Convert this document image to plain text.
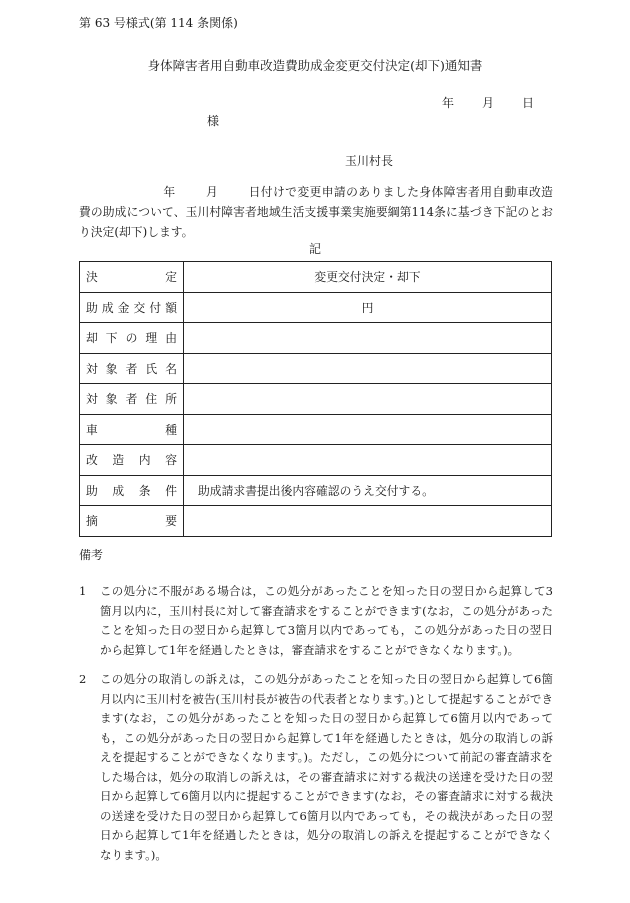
第 63 号様式(第 114 条関係)
身体障害者用自動車改造費助成金変更交付決定(却下)通知書
年 月 日
様
玉川村長
年	月	日付けで変更申請のありました身体障害者用自動車改造費の助成について、玉川村障害者地域生活支援事業実施要綱第114条に基づき下記のとおり決定(却下)します。
記
決定	変更交付決定・却下

助成金交付額	円

却下の理由	

対象者氏名	

対象者住所	

車種	

改造内容	

助成条件	助成請求書提出後内容確認のうえ交付する。

摘要	

備考
1	この処分に不服がある場合は，この処分があったことを知った日の翌日から起算して3箇月以内に，玉川村長に対して審査請求をすることができます(なお，この処分があったことを知った日の翌日から起算して3箇月以内であっても，この処分があった日の翌日から起算して1年を経過したときは，審査請求をすることができなくなります。)。
2	この処分の取消しの訴えは，この処分があったことを知った日の翌日から起算して6箇月以内に玉川村を被告(玉川村長が被告の代表者となります。)として提起することができます(なお，この処分があったことを知った日の翌日から起算して6箇月以内であっても，この処分があった日の翌日から起算して1年を経過したときは，処分の取消しの訴えを提起することができなくなります。)。ただし，この処分について前記の審査請求をした場合は，処分の取消しの訴えは，その審査請求に対する裁決の送達を受けた日の翌日から起算して6箇月以内に提起することができます(なお，その審査請求に対する裁決の送達を受けた日の翌日から起算して6箇月以内であっても，その裁決があった日の翌日から起算して1年を経過したときは，処分の取消しの訴えを提起することができなくなります。)。
